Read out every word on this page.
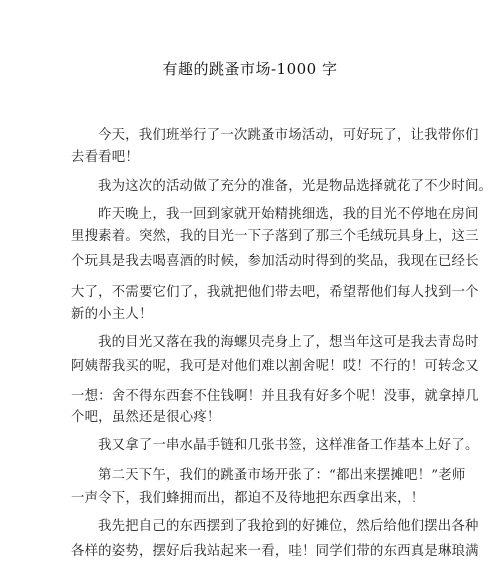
有趣的跳蚤市场-1000 字
今天，我们班举行了一次跳蚤市场活动，可好玩了，让我带你们
去看看吧！
我为这次的活动做了充分的准备，光是物品选择就花了不少时间。
昨天晚上，我一回到家就开始精挑细选，我的目光不停地在房间
里搜素着。突然，我的目光一下子落到了那三个毛绒玩具身上，这三
个玩具是我去喝喜酒的时候，参加活动时得到的奖品，我现在已经长
大了，不需要它们了，我就把他们带去吧，希望帮他们每人找到一个
新的小主人！
我的目光又落在我的海螺贝壳身上了，想当年这可是我去青岛时
阿姨帮我买的呢，我可是对他们难以割舍呢！哎！不行的！可转念又
一想：舍不得东西套不住钱啊！并且我有好多个呢！没事，就拿掉几
个吧，虽然还是很心疼！
我又拿了一串水晶手链和几张书签，这样准备工作基本上好了。
第二天下午，我们的跳蚤市场开张了：“都出来摆摊吧！”老师
一声令下，我们蜂拥而出，都迫不及待地把东西拿出来，！
我先把自己的东西摆到了我抢到的好摊位，然后给他们摆出各种
各样的姿势，摆好后我站起来一看，哇！同学们带的东西真是琳琅满
